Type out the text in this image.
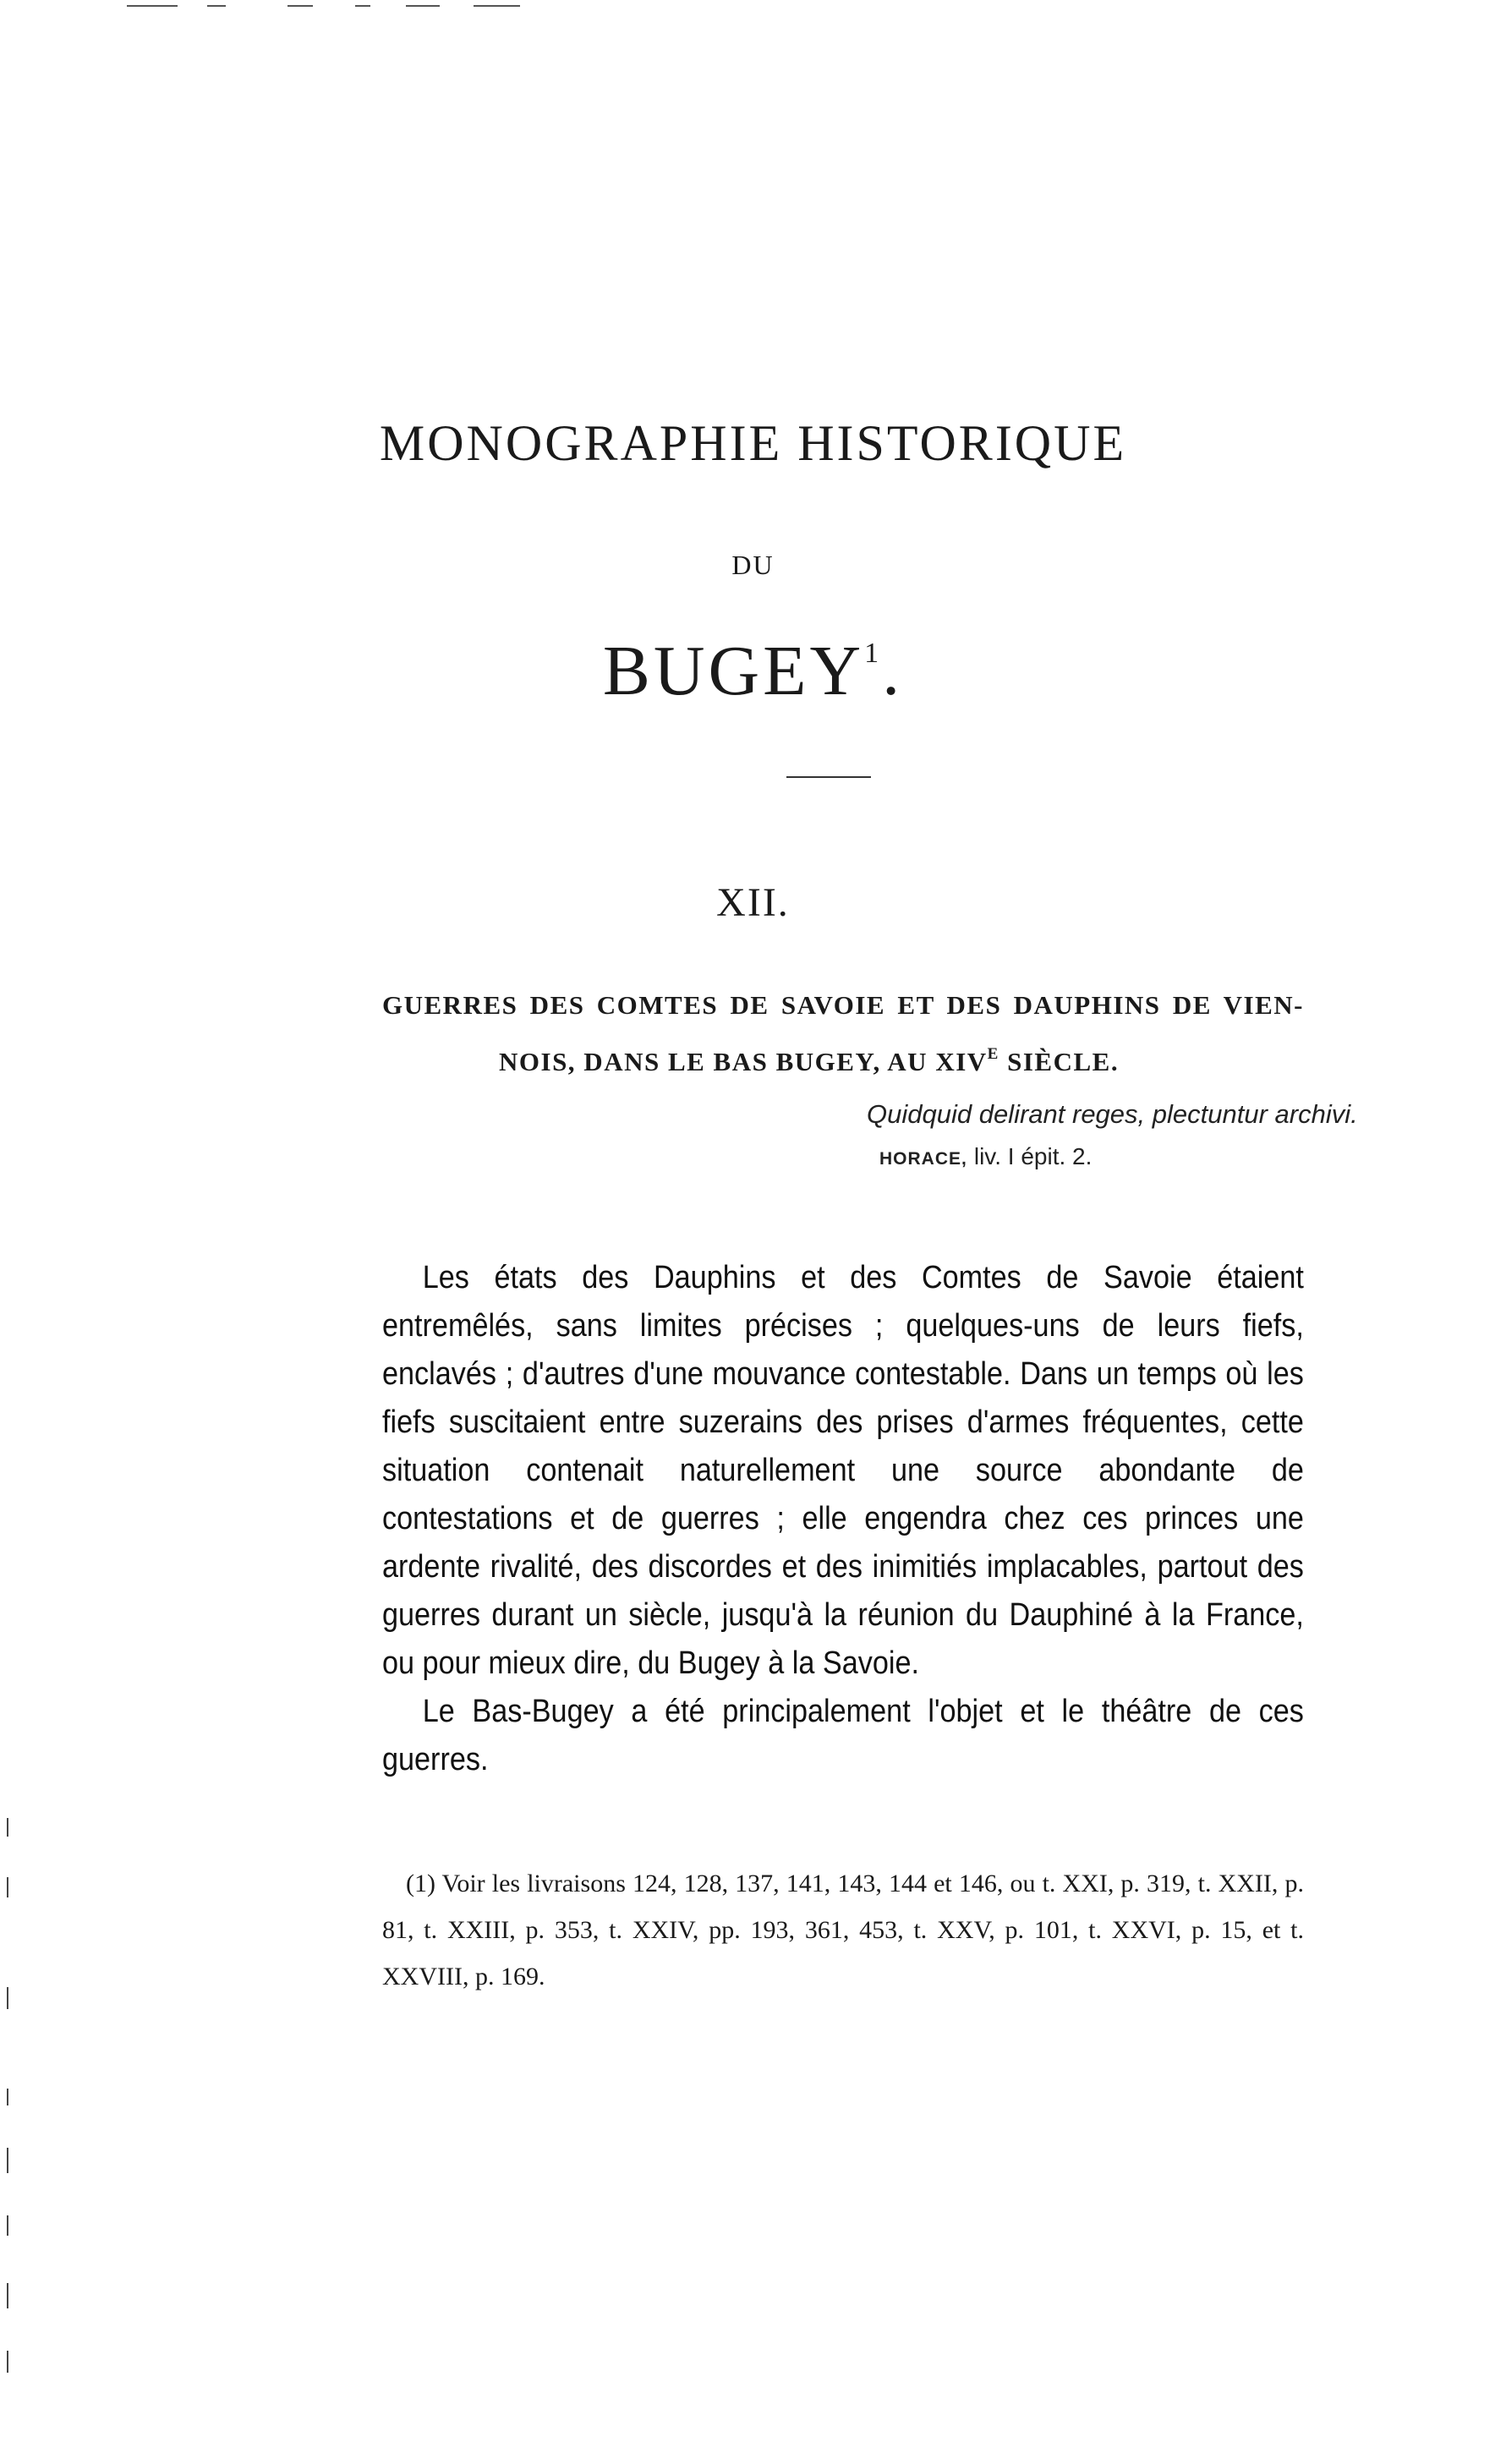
MONOGRAPHIE HISTORIQUE
DU
BUGEY$^1$.
XII.
GUERRES DES COMTES DE SAVOIE ET DES DAUPHINS DE VIEN-
NOIS, DANS LE BAS BUGEY, AU $XIV^E$ SIÈCLE.
Quidquid delirant reges, plectuntur archivi.
HORACE, liv. I épit. 2.

Les états des Dauphins et des Comtes de Savoie étaient entremêlés, sans limites précises ; quelques-uns de leurs fiefs, enclavés ; d'autres d'une mouvance contestable. Dans un temps où les fiefs suscitaient entre suzerains des prises d'armes fréquentes, cette situation contenait naturellement une source abondante de contestations et de guerres ; elle engendra chez ces princes une ardente rivalité, des discordes et des inimitiés implacables, partout des guerres durant un siècle, jusqu'à la réunion du Dauphiné à la France, ou pour mieux dire, du Bugey à la Savoie.

Le Bas-Bugey a été principalement l'objet et le théâtre de ces guerres.

(1) Voir les livraisons 124, 128, 137, 141, 143, 144 et 146, ou t. XXI, p. 319, t. XXII, p. 81, t. XXIII, p. 353, t. XXIV, pp. 193, 361, 453, t. XXV, p. 101, t. XXVI, p. 15, et t. XXVIII, p. 169.
